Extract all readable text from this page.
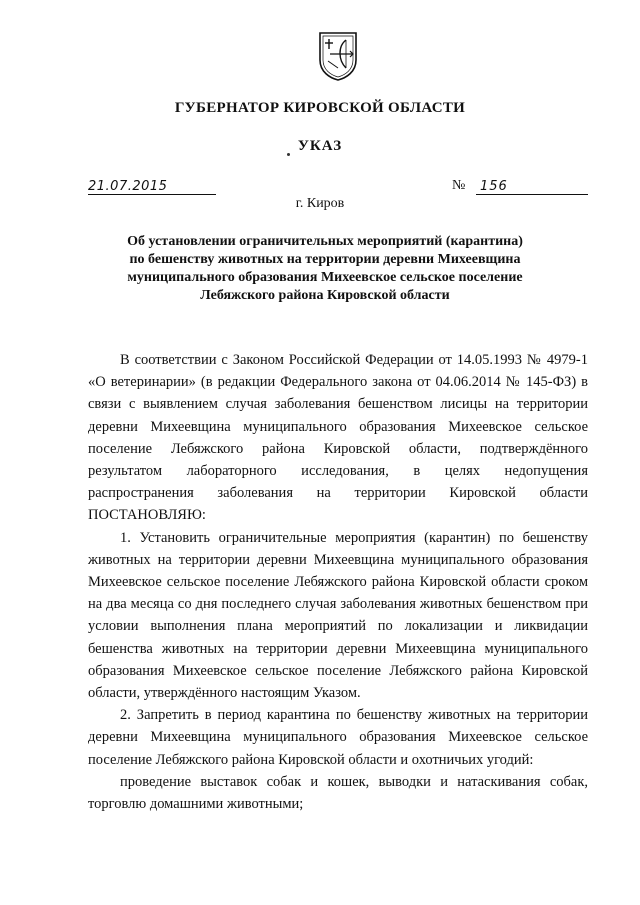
ГУБЕРНАТОР КИРОВСКОЙ ОБЛАСТИ
УКАЗ
21.07.2015	№ 156
г. Киров
Об установлении ограничительных мероприятий (карантина)
по бешенству животных на территории деревни Михеевщина
муниципального образования Михеевское сельское поселение
Лебяжского района Кировской области

В соответствии с Законом Российской Федерации от 14.05.1993 № 4979-1 «О ветеринарии» (в редакции Федерального закона от 04.06.2014 № 145-ФЗ) в связи с выявлением случая заболевания бешенством лисицы на территории деревни Михеевщина муниципального образования Михеевское сельское поселение Лебяжского района Кировской области, подтверждённого результатом лабораторного исследования, в целях недопущения распространения заболевания на территории Кировской области ПОСТАНОВЛЯЮ:

1. Установить ограничительные мероприятия (карантин) по бешенству животных на территории деревни Михеевщина муниципального образования Михеевское сельское поселение Лебяжского района Кировской области сроком на два месяца со дня последнего случая заболевания животных бешенством при условии выполнения плана мероприятий по локализации и ликвидации бешенства животных на территории деревни Михеевщина муниципального образования Михеевское сельское поселение Лебяжского района Кировской области, утверждённого настоящим Указом.

2. Запретить в период карантина по бешенству животных на территории деревни Михеевщина муниципального образования Михеевское сельское поселение Лебяжского района Кировской области и охотничьих угодий:

проведение выставок собак и кошек, выводки и натаскивания собак, торговлю домашними животными;
